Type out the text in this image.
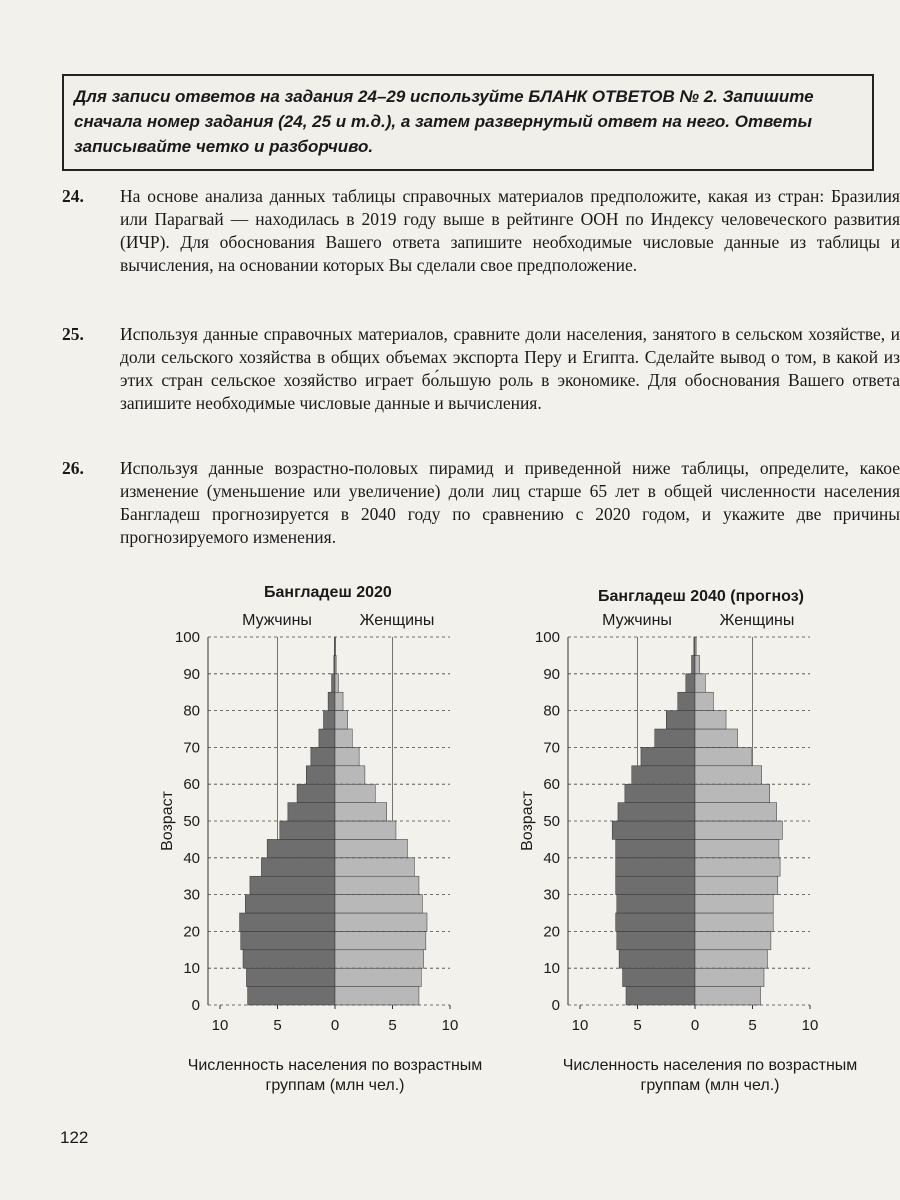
Для записи ответов на задания 24–29 используйте БЛАНК ОТВЕТОВ № 2. Запишите сначала номер задания (24, 25 и т.д.), а затем развернутый ответ на него. Ответы записывайте четко и разборчиво.
24.	На основе анализа данных таблицы справочных материалов предположите, какая из стран: Бразилия или Парагвай — находилась в 2019 году выше в рейтинге ООН по Индексу человеческого развития (ИЧР). Для обоснования Вашего ответа запишите необходимые числовые данные из таблицы и вычисления, на основании которых Вы сделали свое предположение.
25.	Используя данные справочных материалов, сравните доли населения, занятого в сельском хозяйстве, и доли сельского хозяйства в общих объемах экспорта Перу и Египта. Сделайте вывод о том, в какой из этих стран сельское хозяйство играет бо́льшую роль в экономике. Для обоснования Вашего ответа запишите необходимые числовые данные и вычисления.
26.	Используя данные возрастно-половых пирамид и приведенной ниже таблицы, определите, какое изменение (уменьшение или увеличение) доли лиц старше 65 лет в общей численности населения Бангладеш прогнозируется в 2040 году по сравнению с 2020 годом, и укажите две причины прогнозируемого изменения.
Бангладеш 2020
0
10
20
30
40
50
60
70
80
90
100
10	5	0	5	10
Мужчины	Женщины
Возраст
Численность населения по возрастным группам (млн чел.)
Бангладеш 2040 (прогноз)
0
10
20
30
40
50
60
70
80
90
100
10	5	0	5	10
Мужчины	Женщины
Возраст
Численность населения по возрастным группам (млн чел.)
122
